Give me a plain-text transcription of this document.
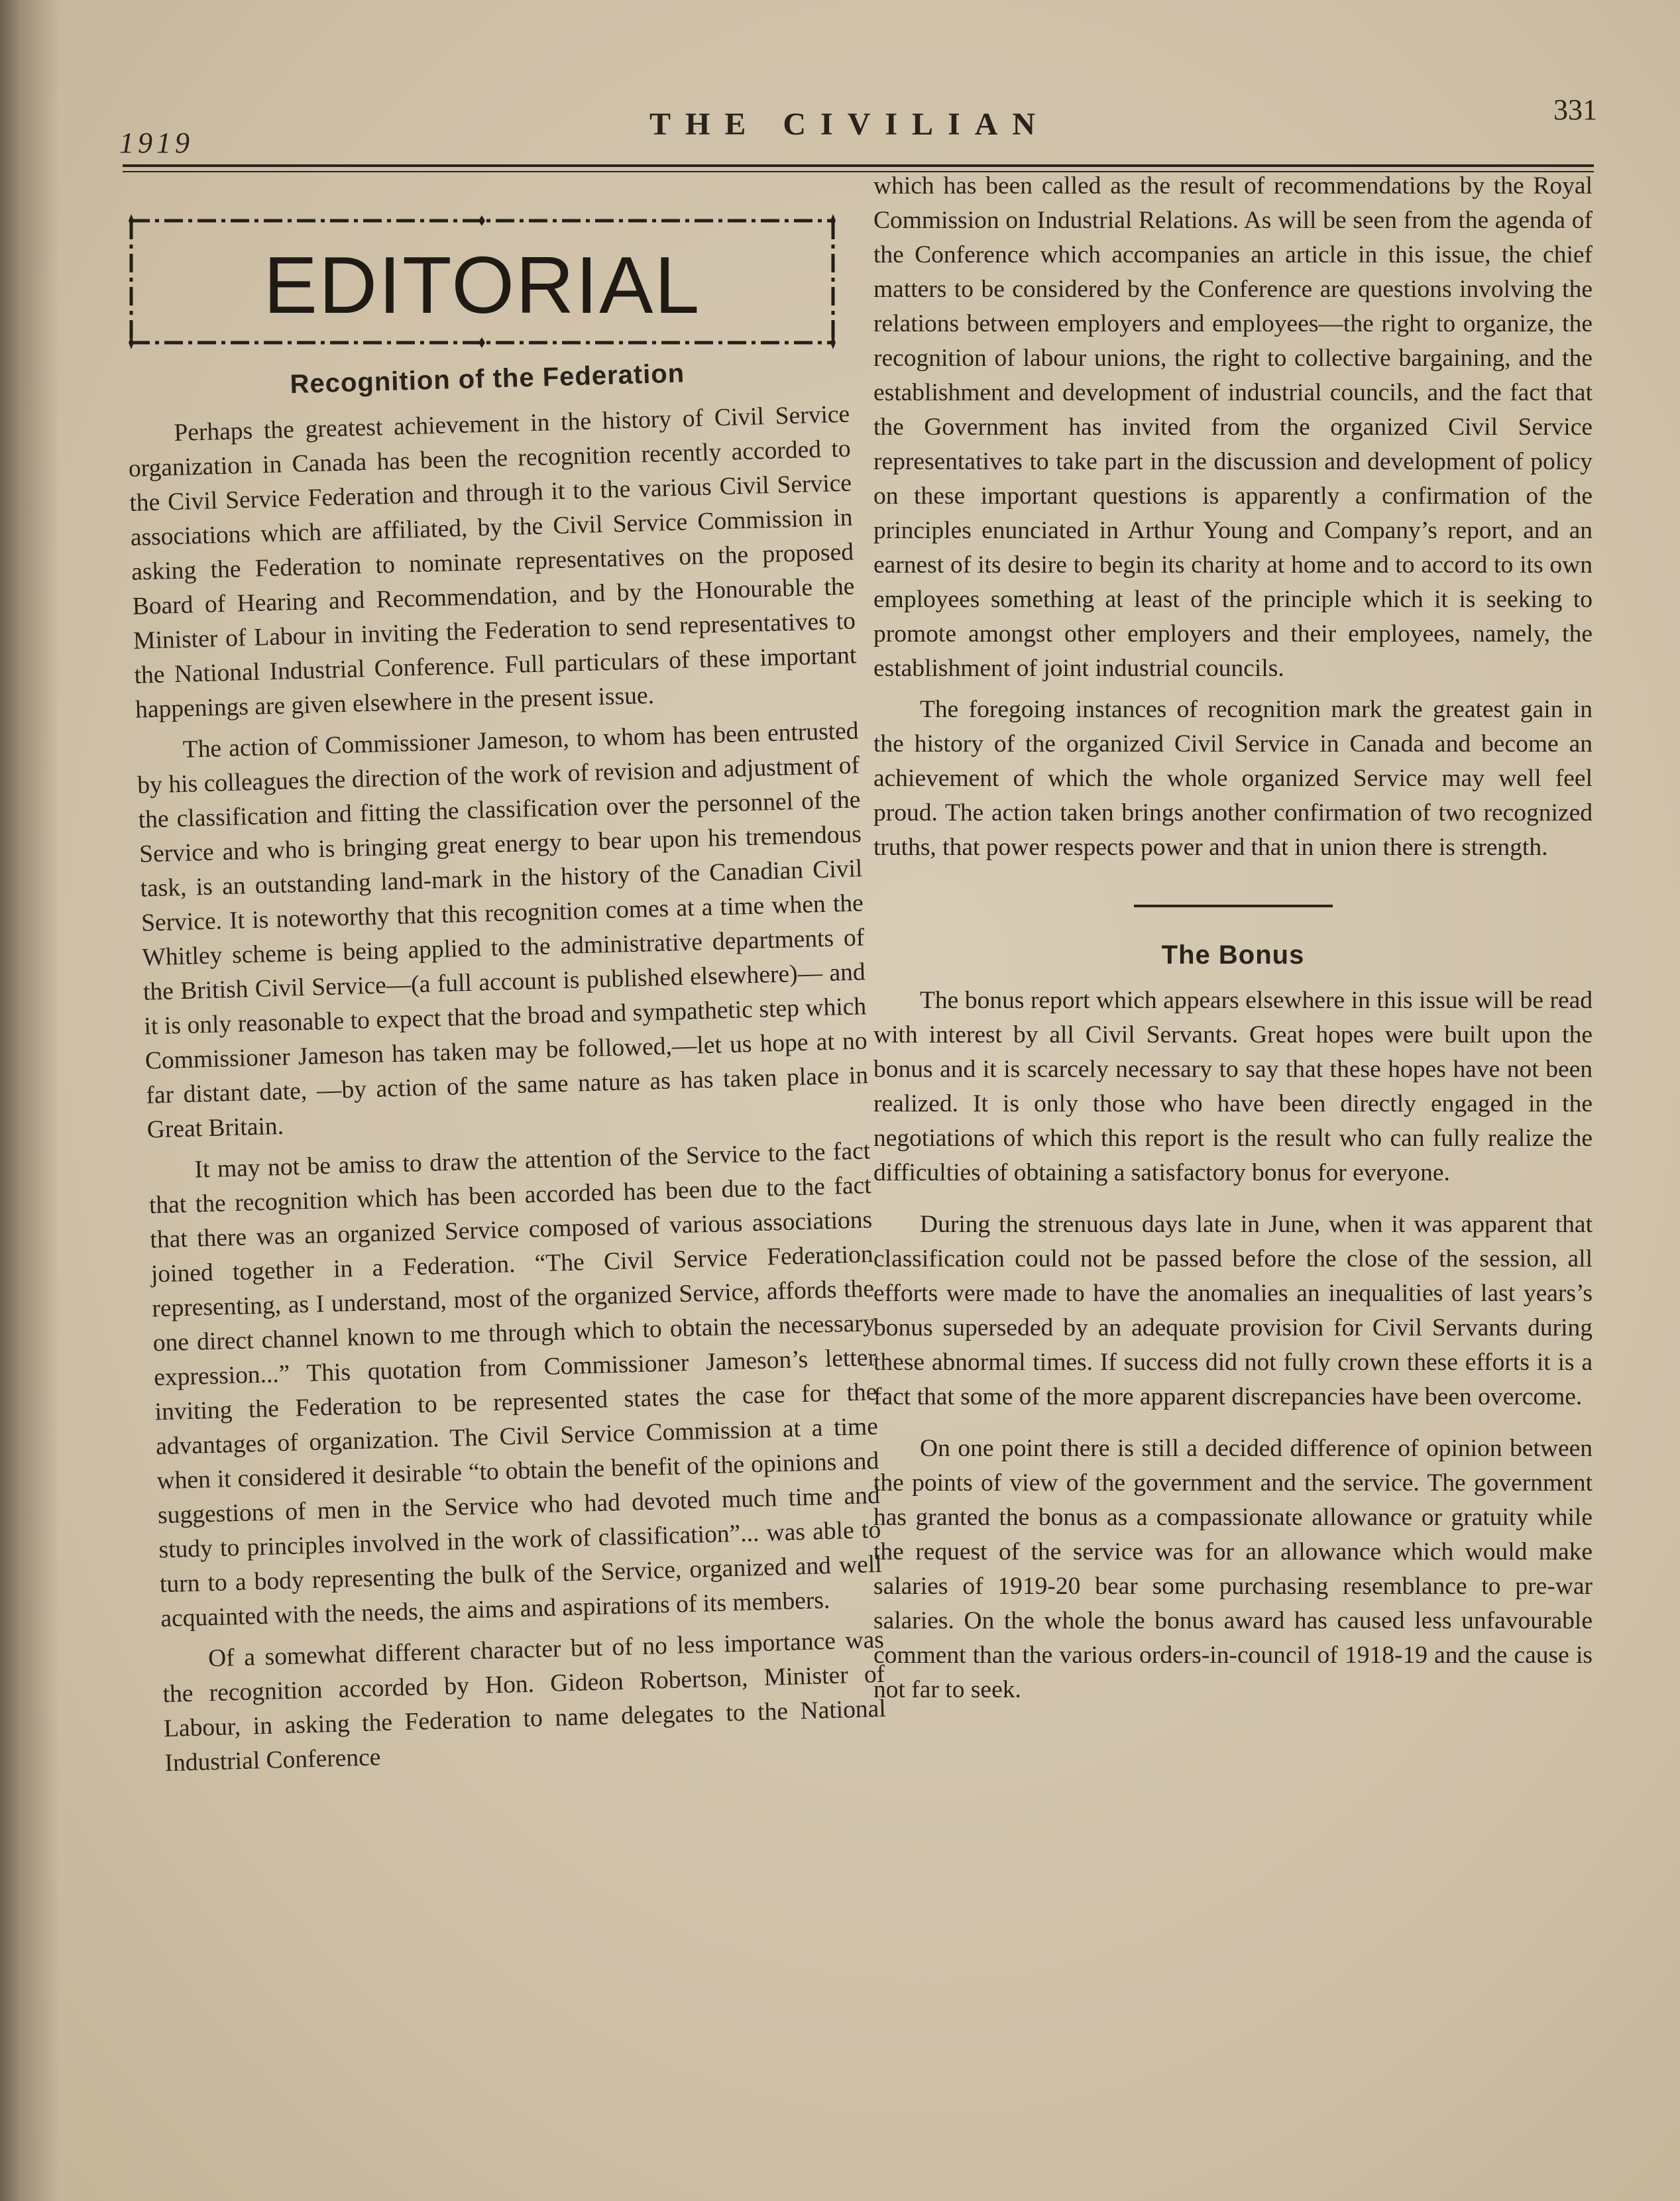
1919
THE CIVILIAN	331
EDITORIAL
Recognition of the Federation

Perhaps the greatest achievement in the history of Civil Service organization in Canada has been the recognition recently accorded to the Civil Service Federation and through it to the various Civil Service associations which are affiliated, by the Civil Service Commission in asking the Federation to nominate representatives on the proposed Board of Hearing and Recommendation, and by the Honourable the Minister of Labour in inviting the Federation to send representatives to the National Industrial Conference. Full particulars of these important happenings are given elsewhere in the present issue.

The action of Commissioner Jameson, to whom has been entrusted by his colleagues the direction of the work of revision and adjustment of the classification and fitting the classification over the personnel of the Service and who is bringing great energy to bear upon his tremendous task, is an outstanding land-mark in the history of the Canadian Civil Service. It is noteworthy that this recognition comes at a time when the Whitley scheme is being applied to the administrative departments of the British Civil Service—(a full account is published elsewhere)— and it is only reasonable to expect that the broad and sympathetic step which Commissioner Jameson has taken may be followed,—let us hope at no far distant date, —by action of the same nature as has taken place in Great Britain.

It may not be amiss to draw the attention of the Service to the fact that the recognition which has been accorded has been due to the fact that there was an organized Service composed of various associations joined together in a Federation. “The Civil Service Federation representing, as I understand, most of the organized Service, affords the one direct channel known to me through which to obtain the necessary expression...” This quotation from Commissioner Jameson’s letter inviting the Federation to be represented states the case for the advantages of organization. The Civil Service Commission at a time when it considered it desirable “to obtain the benefit of the opinions and suggestions of men in the Service who had devoted much time and study to principles involved in the work of classification”... was able to turn to a body representing the bulk of the Service, organized and well acquainted with the needs, the aims and aspirations of its members.

Of a somewhat different character but of no less importance was the recognition accorded by Hon. Gideon Robertson, Minister of Labour, in asking the Federation to name delegates to the National Industrial Conference

which has been called as the result of recommendations by the Royal Commission on Industrial Relations. As will be seen from the agenda of the Conference which accompanies an article in this issue, the chief matters to be considered by the Conference are questions involving the relations between employers and employees—the right to organize, the recognition of labour unions, the right to collective bargaining, and the establishment and development of industrial councils, and the fact that the Government has invited from the organized Civil Service representatives to take part in the discussion and development of policy on these important questions is apparently a confirmation of the principles enunciated in Arthur Young and Company’s report, and an earnest of its desire to begin its charity at home and to accord to its own employees something at least of the principle which it is seeking to promote amongst other employers and their employees, namely, the establishment of joint industrial councils.

The foregoing instances of recognition mark the greatest gain in the history of the organized Civil Service in Canada and become an achievement of which the whole organized Service may well feel proud. The action taken brings another confirmation of two recognized truths, that power respects power and that in union there is strength.

The Bonus

The bonus report which appears elsewhere in this issue will be read with interest by all Civil Servants. Great hopes were built upon the bonus and it is scarcely necessary to say that these hopes have not been realized. It is only those who have been directly engaged in the negotiations of which this report is the result who can fully realize the difficulties of obtaining a satisfactory bonus for everyone.

During the strenuous days late in June, when it was apparent that classification could not be passed before the close of the session, all efforts were made to have the anomalies an inequalities of last years’s bonus superseded by an adequate provision for Civil Servants during these abnormal times. If success did not fully crown these efforts it is a fact that some of the more apparent discrepancies have been overcome.

On one point there is still a decided difference of opinion between the points of view of the government and the service. The government has granted the bonus as a compassionate allowance or gratuity while the request of the service was for an allowance which would make salaries of 1919-20 bear some purchasing resemblance to pre-war salaries. On the whole the bonus award has caused less unfavourable comment than the various orders-in-council of 1918-19 and the cause is not far to seek.
